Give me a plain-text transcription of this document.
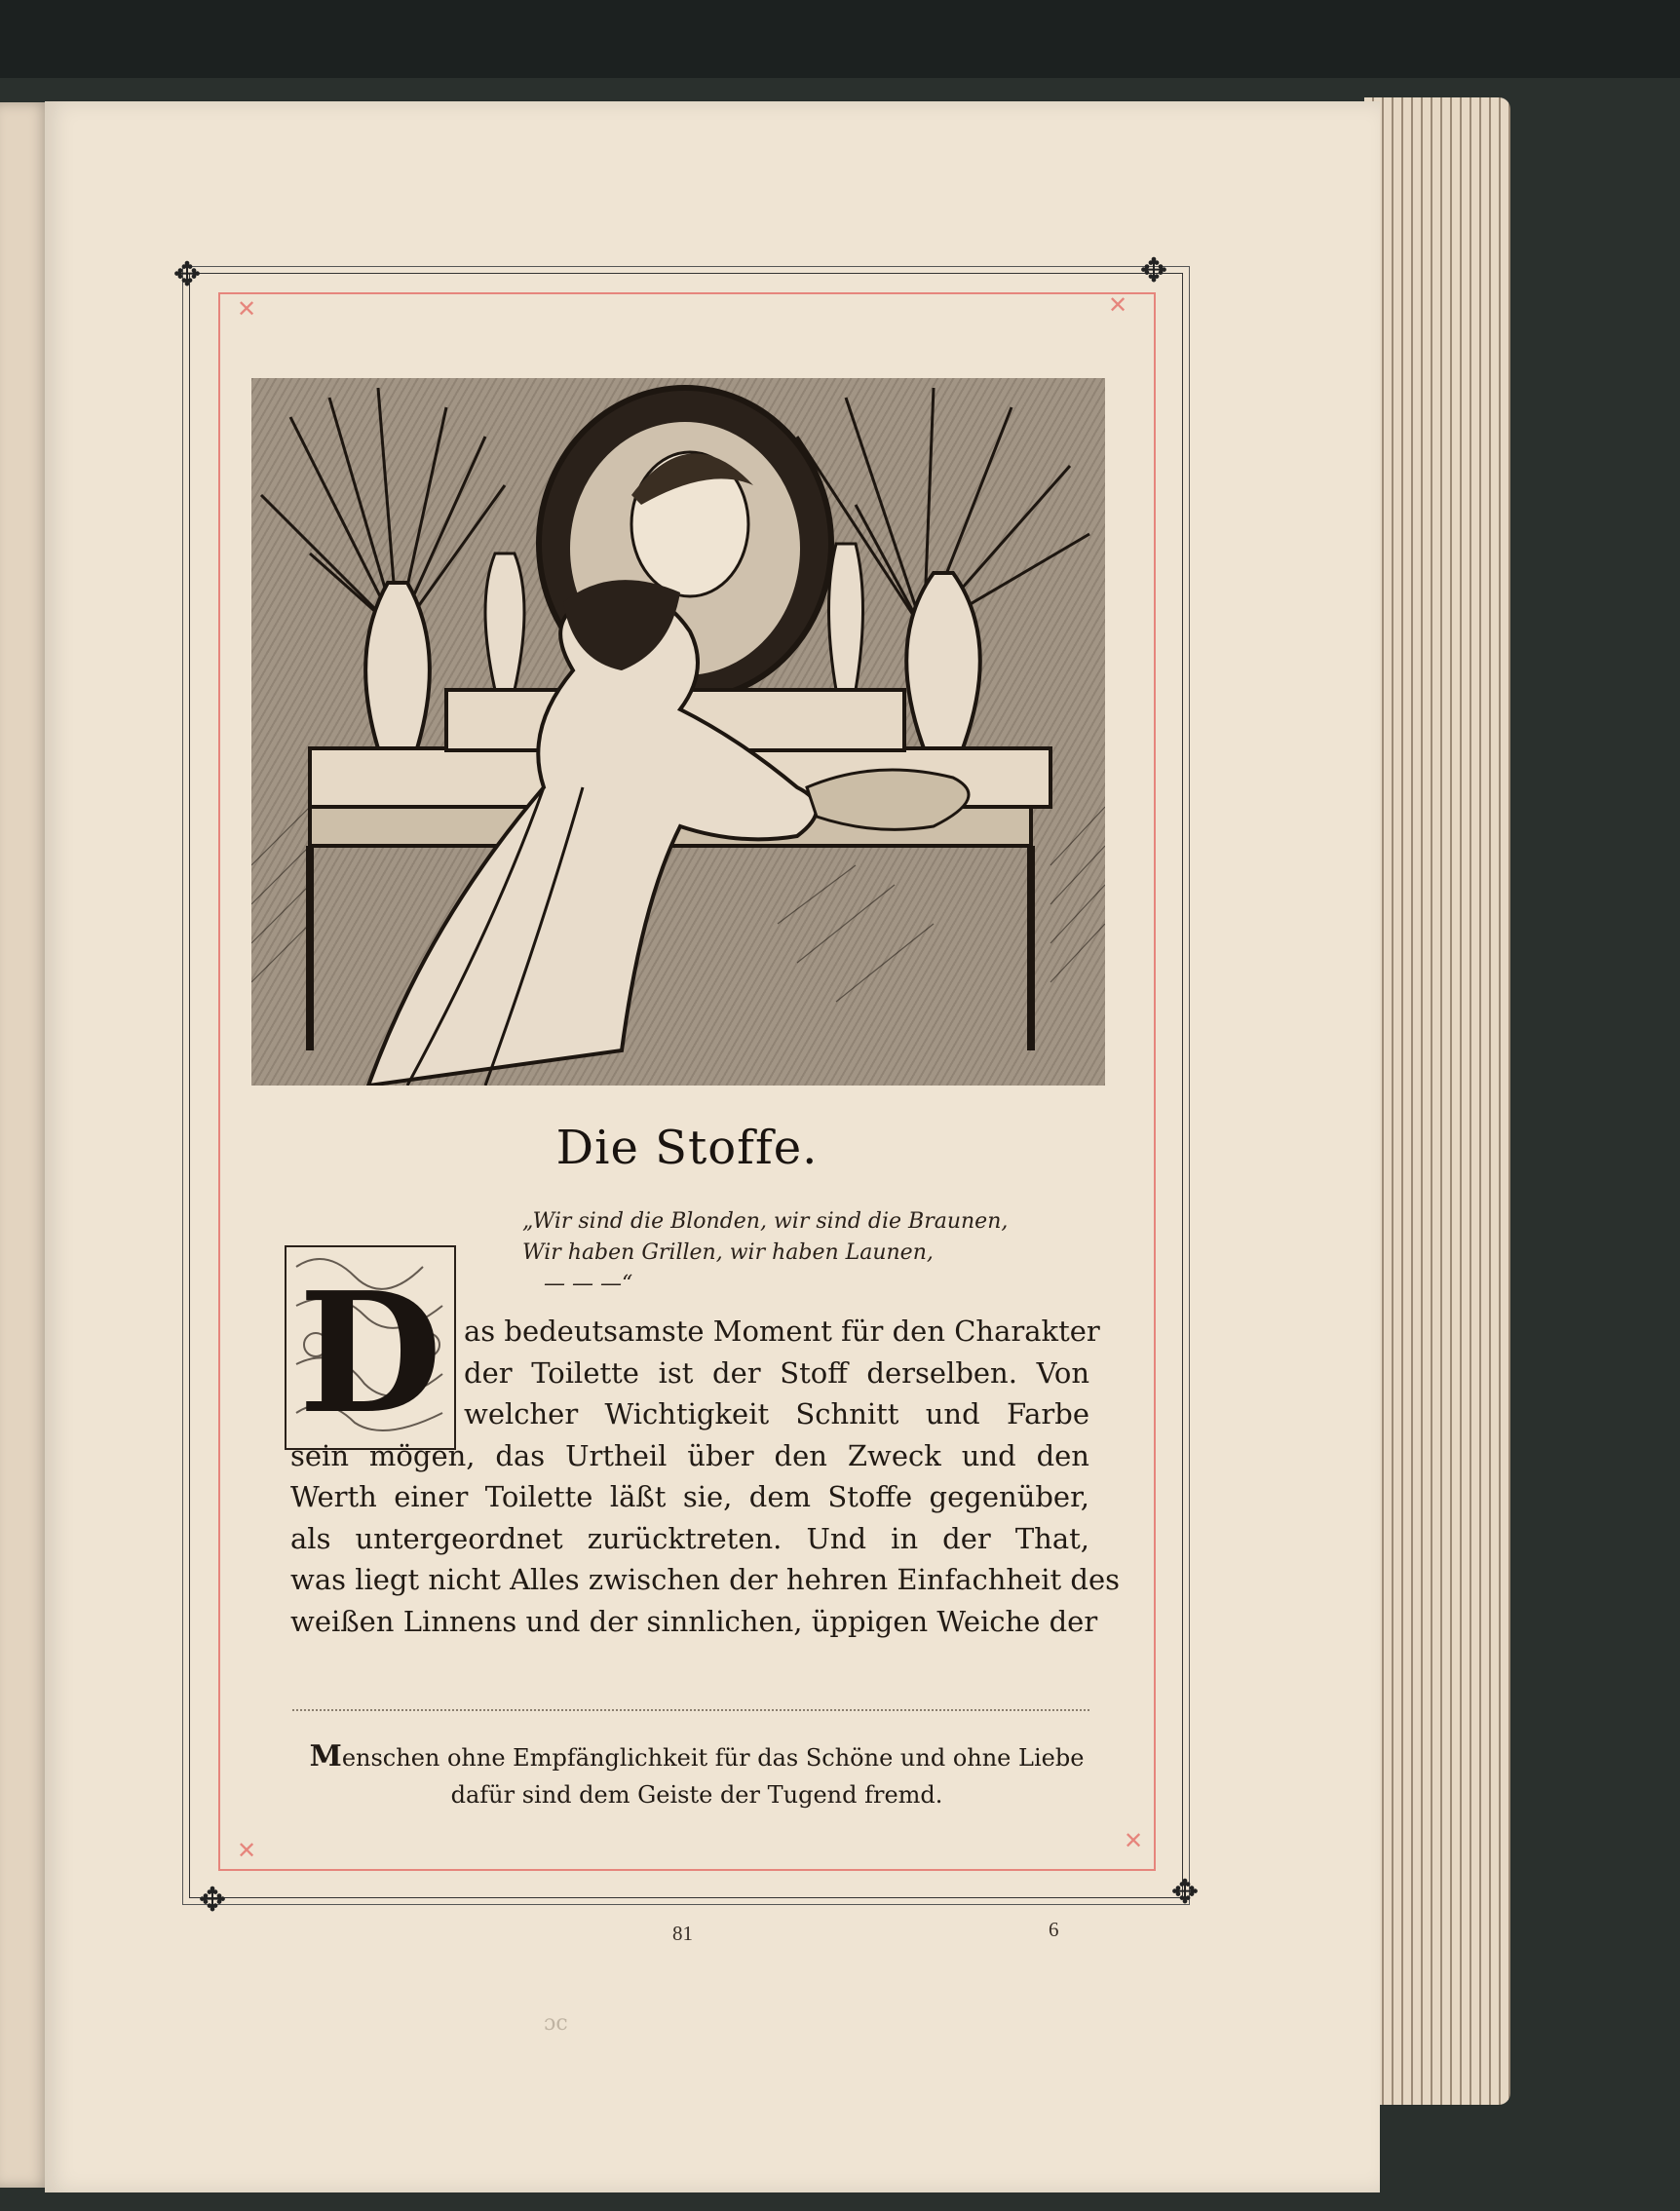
✥	✥
✥	✥
✕	✕
✕	✕
Die Stoffe.
„Wir sind die Blonden, wir sind die Braunen,
Wir haben Grillen, wir haben Launen,
— — —“
D as bedeutsamste Moment für den Charakter
der Toilette ist der Stoff derselben. Von
welcher Wichtigkeit Schnitt und Farbe
sein mögen, das Urtheil über den Zweck und den
Werth einer Toilette läßt sie, dem Stoffe gegenüber,
als untergeordnet zurücktreten. Und in der That,
was liegt nicht Alles zwischen der hehren Einfachheit des
weißen Linnens und der sinnlichen, üppigen Weiche der
Menschen ohne Empfänglichkeit für das Schöne und ohne Liebe
dafür sind dem Geiste der Tugend fremd.
81	6
ɔc
